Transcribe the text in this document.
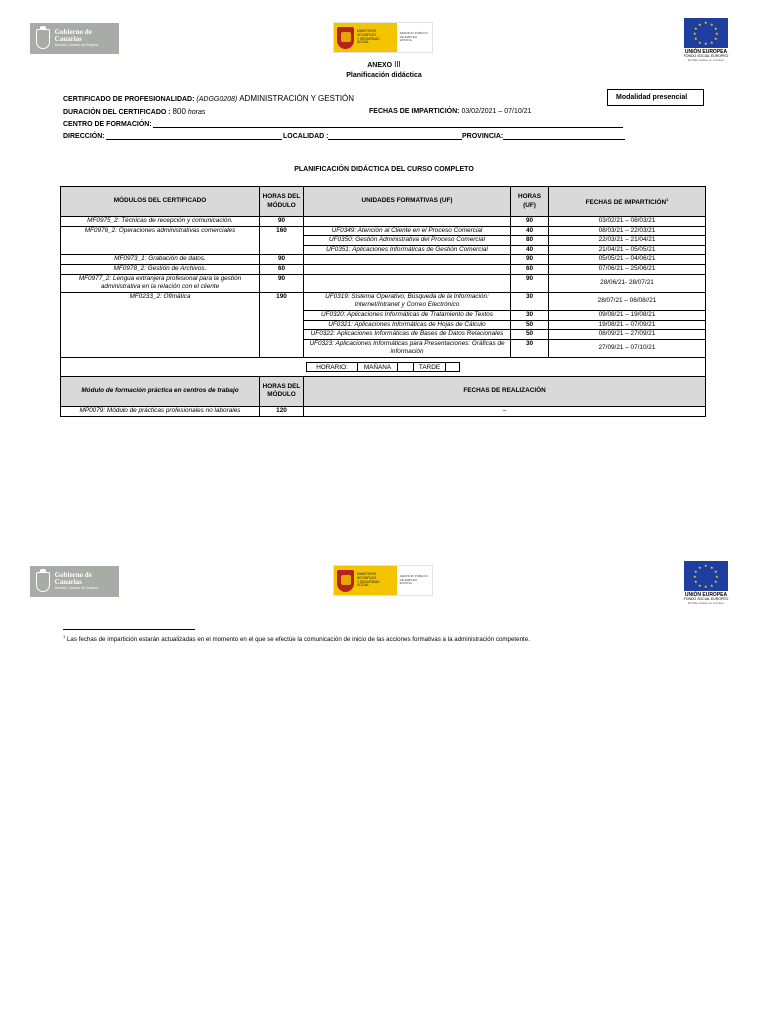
Gobierno de Canarias
Servicio Canario de Empleo
MINISTERIO
DE EMPLEO
Y SEGURIDAD SOCIAL
SERVICIO PÚBLICO
DE EMPLEO ESTATAL
★ ★
★
★
★
★
★
★
★
★
★
★
UNIÓN EUROPEA
FONDO SOCIAL EUROPEO
El FSE invierte en tu futuro
ANEXO III
Planificación didáctica
CERTIFICADO DE PROFESIONALIDAD: (ADGG0208) ADMINISTRACIÓN Y GESTIÓN	Modalidad presencial
DURACIÓN DEL CERTIFICADO : 800 horas	FECHAS DE IMPARTICIÓN: 03/02/2021 – 07/10/21
CENTRO DE FORMACIÓN:
DIRECCIÓN:	LOCALIDAD :	PROVINCIA:
PLANIFICACIÓN DIDÁCTICA DEL CURSO COMPLETO
MÓDULOS DEL CERTIFICADO	HORAS DEL MÓDULO	UNIDADES FORMATIVAS (UF)	HORAS (UF)	FECHAS DE IMPARTICIÓN$^1$
MF0975_2: Técnicas de recepción y comunicación.	90		90	03/02/21 – 08/03/21
MF0976_2: Operaciones administrativas comerciales	160	UF0349: Atención al Cliente en el Proceso Comercial	40	08/03/21 – 22/03/21
		UF0350: Gestión Administrativa del Proceso Comercial	80	22/03/21 – 21/04/21
		UF0351: Aplicaciones Informáticas de Gestión Comercial	40	21/04/21 – 05/05/21
MF0973_1: Grabación de datos.	90		90	05/05/21 – 04/06/21
MF0978_2: Gestión de Archivos.	60		60	07/06/21 – 25/06/21
MF0977_2: Lengua extranjera profesional para la gestión administrativa en la relación con el cliente	90		90	28/06/21- 28/07/21
MF0233_2: Ofimática	190	UF0319: Sistema Operativo, Búsqueda de la Información: Internet/Intranet y Correo Electrónico	30	28/07/21 – 06/08//21
		UF0320: Aplicaciones Informáticas de Tratamiento de Textos	30	09/08/21 – 19/08/21
		UF0321: Aplicaciones Informáticas de Hojas de Cálculo	50	19/08/21 – 07/09/21
		UF0322: Aplicaciones Informáticas de Bases de Datos Relacionales	50	08/09/21 – 27/09/21
		UF0323: Aplicaciones Informáticas para Presentaciones: Gráficas de información	30	27/09/21 – 07/10/21

HORARIO: MAÑANA TARDE				

Módulo de formación práctica en centros de trabajo	HORAS DEL MÓDULO	FECHAS DE REALIZACIÓN		
MP0079: Módulo de prácticas profesionales no laborales	120	–		
Gobierno de Canarias
Servicio Canario de Empleo
MINISTERIO
DE EMPLEO
Y SEGURIDAD SOCIAL
SERVICIO PÚBLICO
DE EMPLEO ESTATAL
★ ★
★
★
★
★
★
★
★
★
★
★
UNIÓN EUROPEA
FONDO SOCIAL EUROPEO
El FSE invierte en tu futuro
$^1$ Las fechas de impartición estarán actualizadas en el momento en el que se efectúe la comunicación de inicio de las acciones formativas a la administración competente.
